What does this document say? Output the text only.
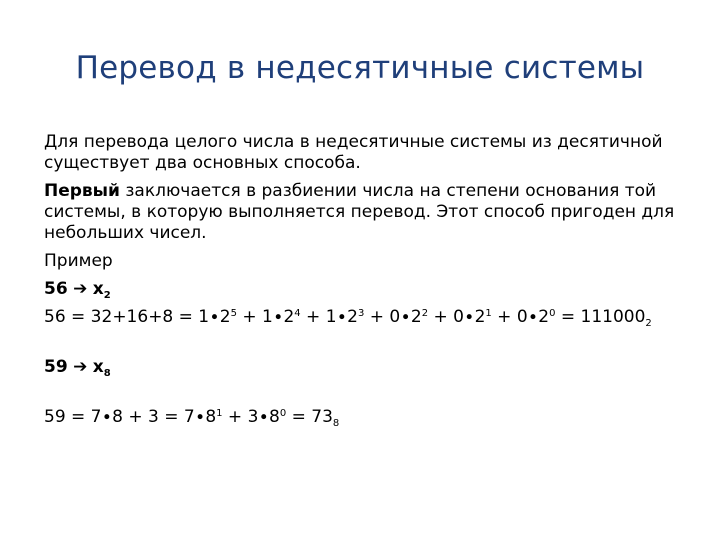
Перевод в недесятичные системы

Для перевода целого числа в недесятичные системы из десятичной существует два основных способа.

Первый заключается в разбиении числа на степени основания той системы, в которую выполняется перевод. Этот способ пригоден для небольших чисел.

Пример

56 ➔ $x_2$

$56 = 32+16+8 = 1\cdot 2^5 + 1\cdot 2^4 + 1\cdot 2^3 + 0\cdot 2^2 + 0\cdot 2^1 + 0\cdot 2^0 = 111000_2$

59 ➔ $x_8$

$59 = 7\cdot 8 + 3 = 7\cdot 8^1 + 3\cdot 8^0 = 73_8$
